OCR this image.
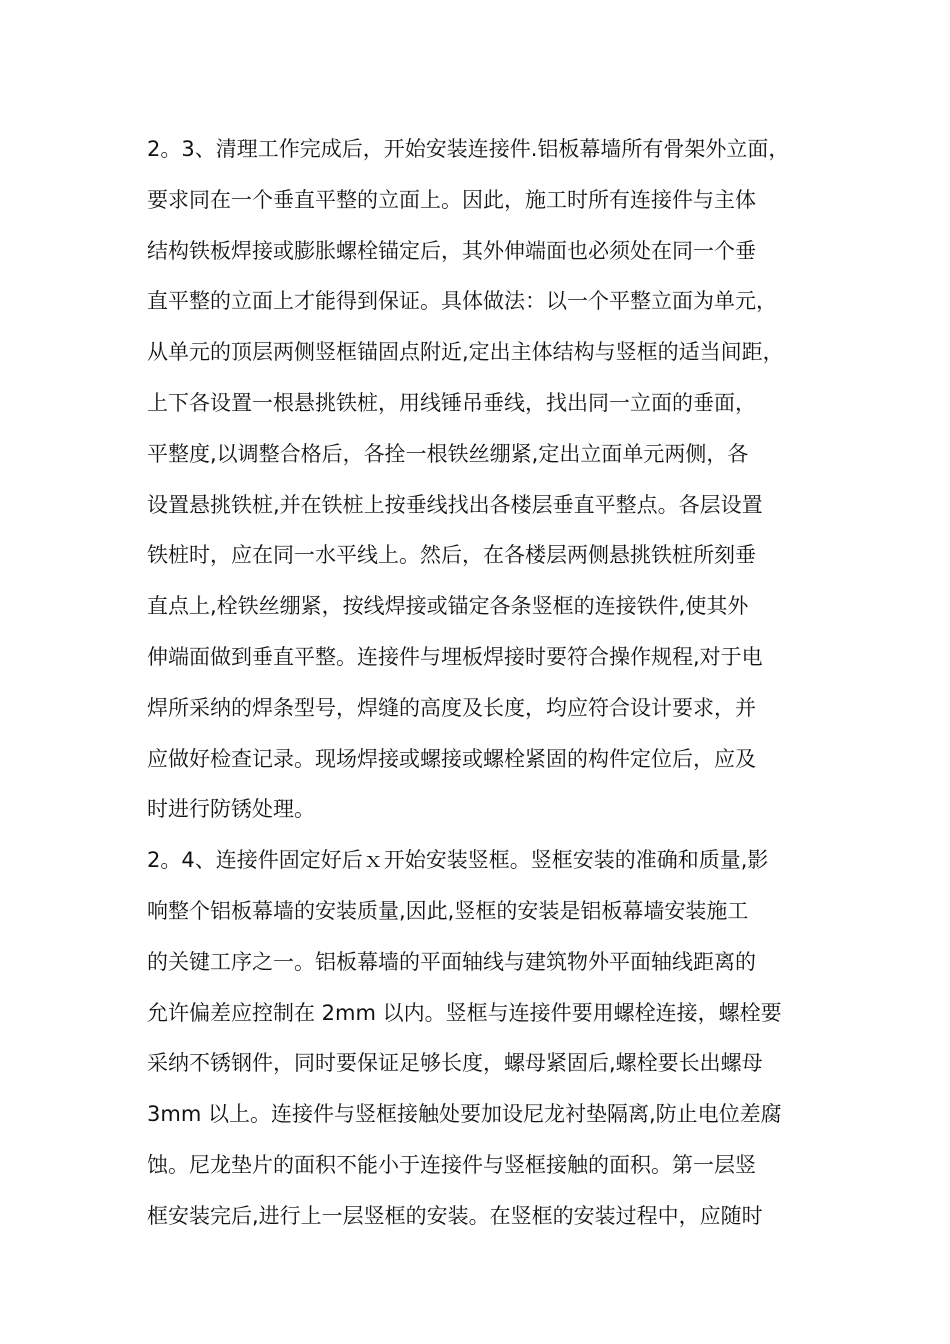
2。3、清理工作完成后，开始安装连接件.铝板幕墙所有骨架外立面，
要求同在一个垂直平整的立面上。因此，施工时所有连接件与主体
结构铁板焊接或膨胀螺栓锚定后，其外伸端面也必须处在同一个垂
直平整的立面上才能得到保证。具体做法：以一个平整立面为单元，
从单元的顶层两侧竖框锚固点附近,定出主体结构与竖框的适当间距，
上下各设置一根悬挑铁桩，用线锤吊垂线，找出同一立面的垂面，
平整度,以调整合格后，各拴一根铁丝绷紧,定出立面单元两侧，各
设置悬挑铁桩,并在铁桩上按垂线找出各楼层垂直平整点。各层设置
铁桩时，应在同一水平线上。然后，在各楼层两侧悬挑铁桩所刻垂
直点上,栓铁丝绷紧，按线焊接或锚定各条竖框的连接铁件,使其外
伸端面做到垂直平整。连接件与埋板焊接时要符合操作规程,对于电
焊所采纳的焊条型号，焊缝的高度及长度，均应符合设计要求，并
应做好检查记录。现场焊接或螺接或螺栓紧固的构件定位后，应及
时进行防锈处理。
2。4、连接件固定好后ｘ开始安装竖框。竖框安装的准确和质量,影
响整个铝板幕墙的安装质量,因此,竖框的安装是铝板幕墙安装施工
的关键工序之一。铝板幕墙的平面轴线与建筑物外平面轴线距离的
允许偏差应控制在 2mm 以内。竖框与连接件要用螺栓连接，螺栓要
采纳不锈钢件，同时要保证足够长度，螺母紧固后,螺栓要长出螺母
3mm 以上。连接件与竖框接触处要加设尼龙衬垫隔离,防止电位差腐
蚀。尼龙垫片的面积不能小于连接件与竖框接触的面积。第一层竖
框安装完后,进行上一层竖框的安装。在竖框的安装过程中，应随时
